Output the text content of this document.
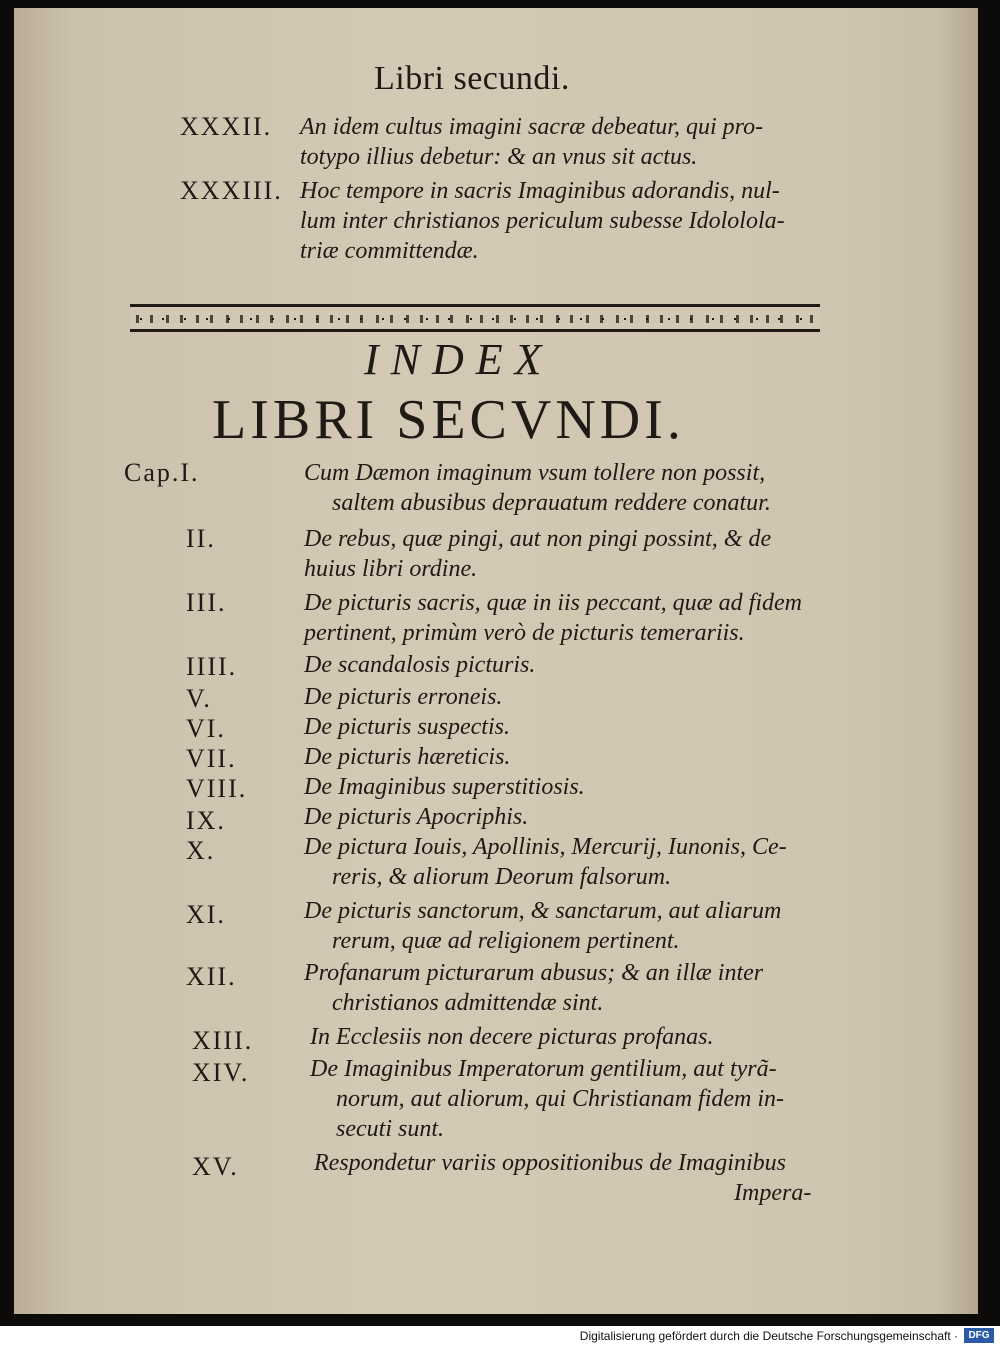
Libri secundi.
XXXII. An idem cultus imagini sacræ debeatur, qui pro-
totypo illius debetur: & an vnus sit actus.
XXXIII. Hoc tempore in sacris Imaginibus adorandis, nul-
lum inter christianos periculum subesse Idololola-
triæ committendæ.
INDEX
LIBRI SECVNDI.
Cap.I.	Cum Dæmon imaginum vsum tollere non possit,
saltem abusibus deprauatum reddere conatur.
II.	De rebus, quæ pingi, aut non pingi possint, & de
huius libri ordine.
III.	De picturis sacris, quæ in iis peccant, quæ ad fidem
pertinent, primùm verò de picturis temerariis.
IIII.	De scandalosis picturis.
V.	De picturis erroneis.
VI.	De picturis suspectis.
VII.	De picturis hæreticis.
VIII. De Imaginibus superstitiosis.
IX.	De picturis Apocriphis.
X.	De pictura Iouis, Apollinis, Mercurij, Iunonis, Ce-
reris, & aliorum Deorum falsorum.
XI.	De picturis sanctorum, & sanctarum, aut aliarum
rerum, quæ ad religionem pertinent.
XII.	Profanarum picturarum abusus; & an illæ inter
christianos admittendæ sint.
XIII. In Ecclesiis non decere picturas profanas.
XIV.	De Imaginibus Imperatorum gentilium, aut tyrã-
norum, aut aliorum, qui Christianam fidem in-
secuti sunt.
XV.	Respondetur variis oppositionibus de Imaginibus
Impera-
Digitalisierung gefördert durch die Deutsche Forschungsgemeinschaft ·	DFG
